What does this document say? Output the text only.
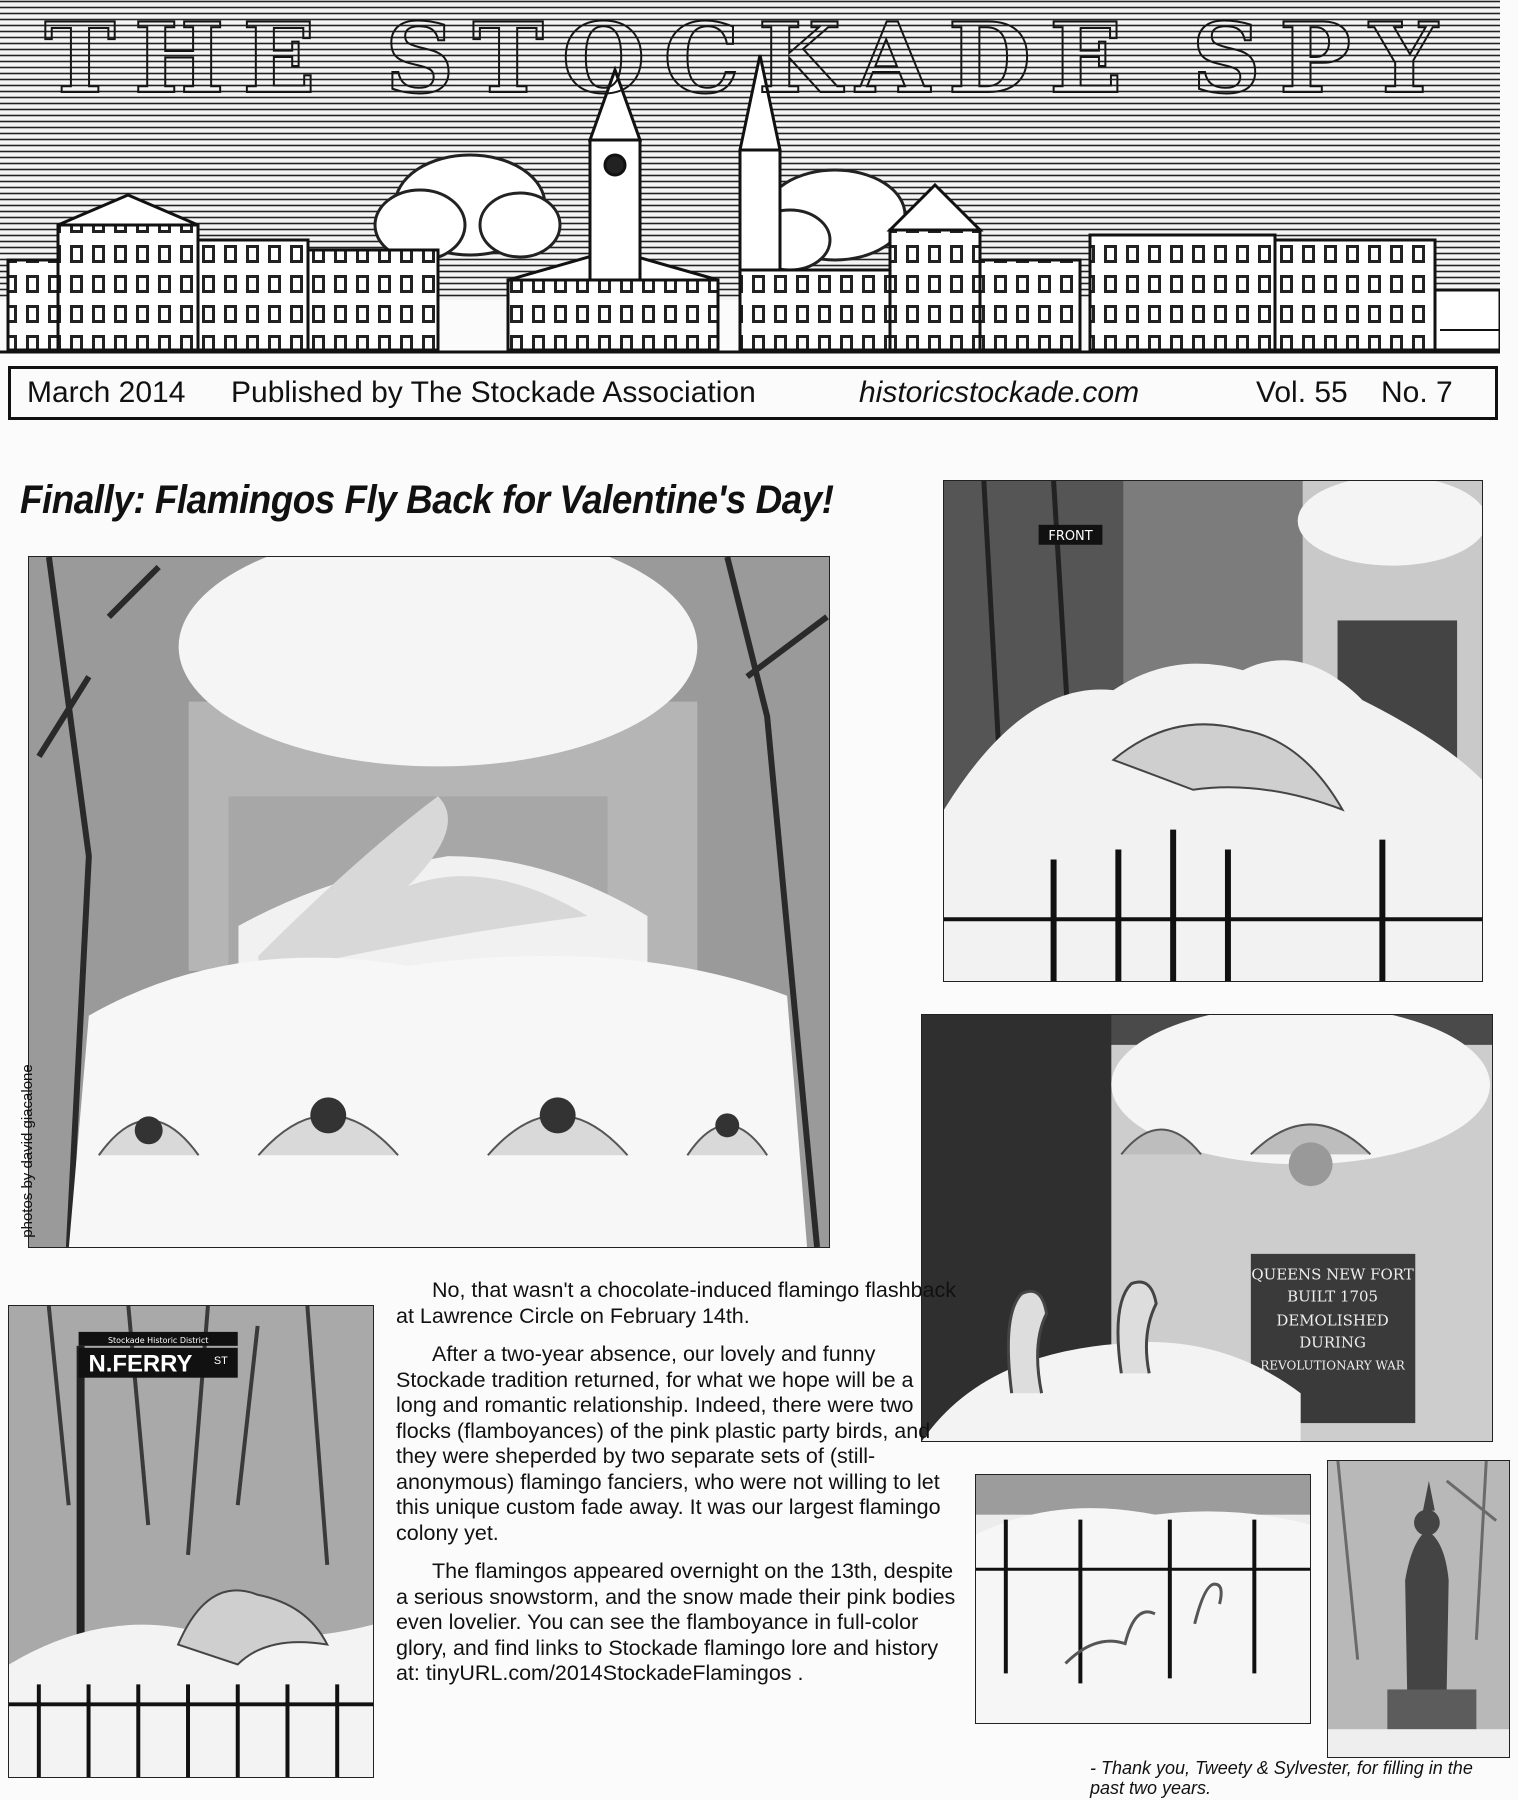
THE STOCKADE SPY
March 2014 Published by The Stockade Association	historicstockade.com	Vol. 55 No. 7
Finally: Flamingos Fly Back for Valentine's Day!
photos by david giacalone
FRONT
QUEENS NEW FORT
BUILT 1705
DEMOLISHED
DURING
REVOLUTIONARY WAR
Stockade Historic District
N.FERRY ST

No, that wasn't a chocolate-induced flamingo flashback at Lawrence Circle on February 14th.

After a two-year absence, our lovely and funny Stockade tradition returned, for what we hope will be a long and romantic relationship. Indeed, there were two flocks (flamboyances) of the pink plastic party birds, and they were sheperded by two separate sets of (still-anonymous) flamingo fanciers, who were not willing to let this unique custom fade away. It was our largest flamingo colony yet.

The flamingos appeared overnight on the 13th, despite a serious snowstorm, and the snow made their pink bodies even lovelier. You can see the flamboyance in full-color glory, and find links to Stockade flamingo lore and history at: tinyURL.com/2014StockadeFlamingos .

- Thank you, Tweety & Sylvester, for filling in the past two years.
